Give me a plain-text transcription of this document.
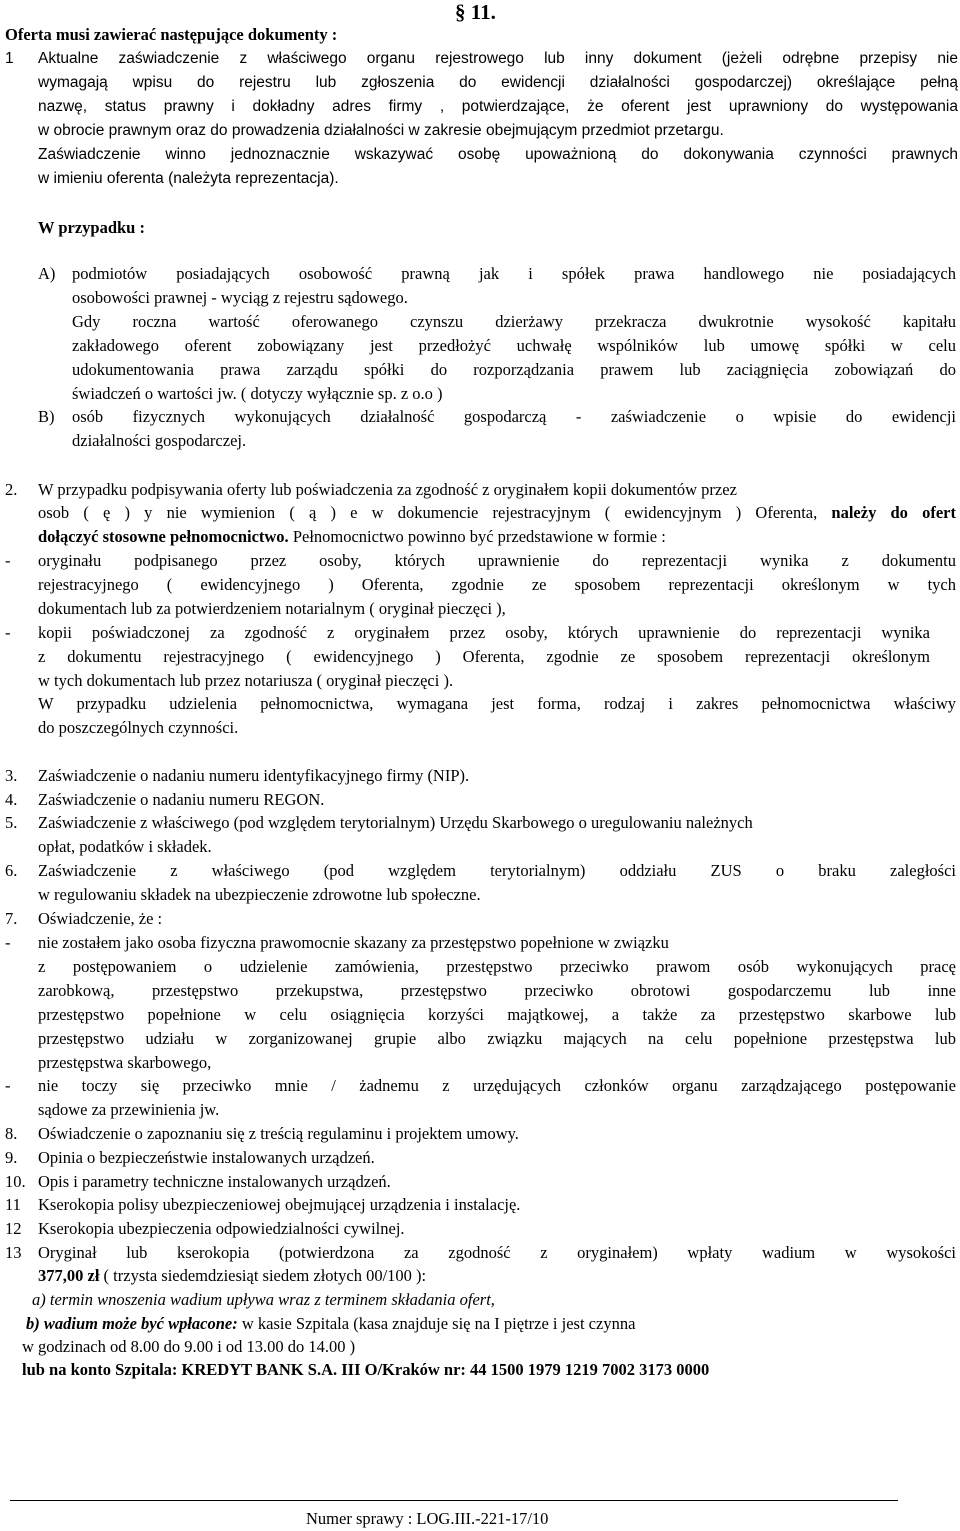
§ 11.
Oferta musi zawierać następujące dokumenty :
1 Aktualne zaświadczenie z właściwego organu rejestrowego lub inny dokument (jeżeli odrębne przepisy nie
wymagają wpisu do rejestru lub zgłoszenia do ewidencji działalności gospodarczej) określające pełną
nazwę, status prawny i dokładny adres firmy , potwierdzające, że oferent jest uprawniony do występowania
w obrocie prawnym oraz do prowadzenia działalności w zakresie obejmującym przedmiot przetargu.
Zaświadczenie winno jednoznacznie wskazywać osobę upoważnioną do dokonywania czynności prawnych
w imieniu oferenta (należyta reprezentacja).
W przypadku :
A) podmiotów posiadających osobowość prawną jak i spółek prawa handlowego nie posiadających
osobowości prawnej - wyciąg z rejestru sądowego.
Gdy roczna wartość oferowanego czynszu dzierżawy przekracza dwukrotnie wysokość kapitału
zakładowego oferent zobowiązany jest przedłożyć uchwałę wspólników lub umowę spółki w celu
udokumentowania prawa zarządu spółki do rozporządzania prawem lub zaciągnięcia zobowiązań do
świadczeń o wartości jw. ( dotyczy wyłącznie sp. z o.o )
B) osób fizycznych wykonujących działalność gospodarczą - zaświadczenie o wpisie do ewidencji
działalności gospodarczej.
2. W przypadku podpisywania oferty lub poświadczenia za zgodność z oryginałem kopii dokumentów przez
osob ( ę ) y nie wymienion ( ą ) e w dokumencie rejestracyjnym ( ewidencyjnym ) Oferenta, należy do ofert
dołączyć stosowne pełnomocnictwo. Pełnomocnictwo powinno być przedstawione w formie :
- oryginału podpisanego przez osoby, których uprawnienie do reprezentacji wynika z dokumentu
rejestracyjnego ( ewidencyjnego ) Oferenta, zgodnie ze sposobem reprezentacji określonym w tych
dokumentach lub za potwierdzeniem notarialnym ( oryginał pieczęci ),
- kopii poświadczonej za zgodność z oryginałem przez osoby, których uprawnienie do reprezentacji wynika
z dokumentu rejestracyjnego ( ewidencyjnego ) Oferenta, zgodnie ze sposobem reprezentacji określonym
w tych dokumentach lub przez notariusza ( oryginał pieczęci ).
W przypadku udzielenia pełnomocnictwa, wymagana jest forma, rodzaj i zakres pełnomocnictwa właściwy
do poszczególnych czynności.
3. Zaświadczenie o nadaniu numeru identyfikacyjnego firmy (NIP).
4. Zaświadczenie o nadaniu numeru REGON.
5. Zaświadczenie z właściwego (pod względem terytorialnym) Urzędu Skarbowego o uregulowaniu należnych
opłat, podatków i składek.
6. Zaświadczenie z właściwego (pod względem terytorialnym) oddziału ZUS o braku zaległości
w regulowaniu składek na ubezpieczenie zdrowotne lub społeczne.
7. Oświadczenie, że :
- nie zostałem jako osoba fizyczna prawomocnie skazany za przestępstwo popełnione w związku
z postępowaniem o udzielenie zamówienia, przestępstwo przeciwko prawom osób wykonujących pracę
zarobkową, przestępstwo przekupstwa, przestępstwo przeciwko obrotowi gospodarczemu lub inne
przestępstwo popełnione w celu osiągnięcia korzyści majątkowej, a także za przestępstwo skarbowe lub
przestępstwo udziału w zorganizowanej grupie albo związku mających na celu popełnione przestępstwa lub
przestępstwa skarbowego,
- nie toczy się przeciwko mnie / żadnemu z urzędujących członków organu zarządzającego postępowanie
sądowe za przewinienia jw.
8. Oświadczenie o zapoznaniu się z treścią regulaminu i projektem umowy.
9. Opinia o bezpieczeństwie instalowanych urządzeń.
10. Opis i parametry techniczne instalowanych urządzeń.
11 Kserokopia polisy ubezpieczeniowej obejmującej urządzenia i instalację.
12 Kserokopia ubezpieczenia odpowiedzialności cywilnej.
13 Oryginał lub kserokopia (potwierdzona za zgodność z oryginałem) wpłaty wadium w wysokości
377,00 zł ( trzysta siedemdziesiąt siedem złotych 00/100 ):
a) termin wnoszenia wadium upływa wraz z terminem składania ofert,
b) wadium może być wpłacone: w kasie Szpitala (kasa znajduje się na I piętrze i jest czynna
w godzinach od 8.00 do 9.00 i od 13.00 do 14.00 )
lub na konto Szpitala: KREDYT BANK S.A. III O/Kraków nr: 44 1500 1979 1219 7002 3173 0000
Numer sprawy : LOG.III.-221-17/10
